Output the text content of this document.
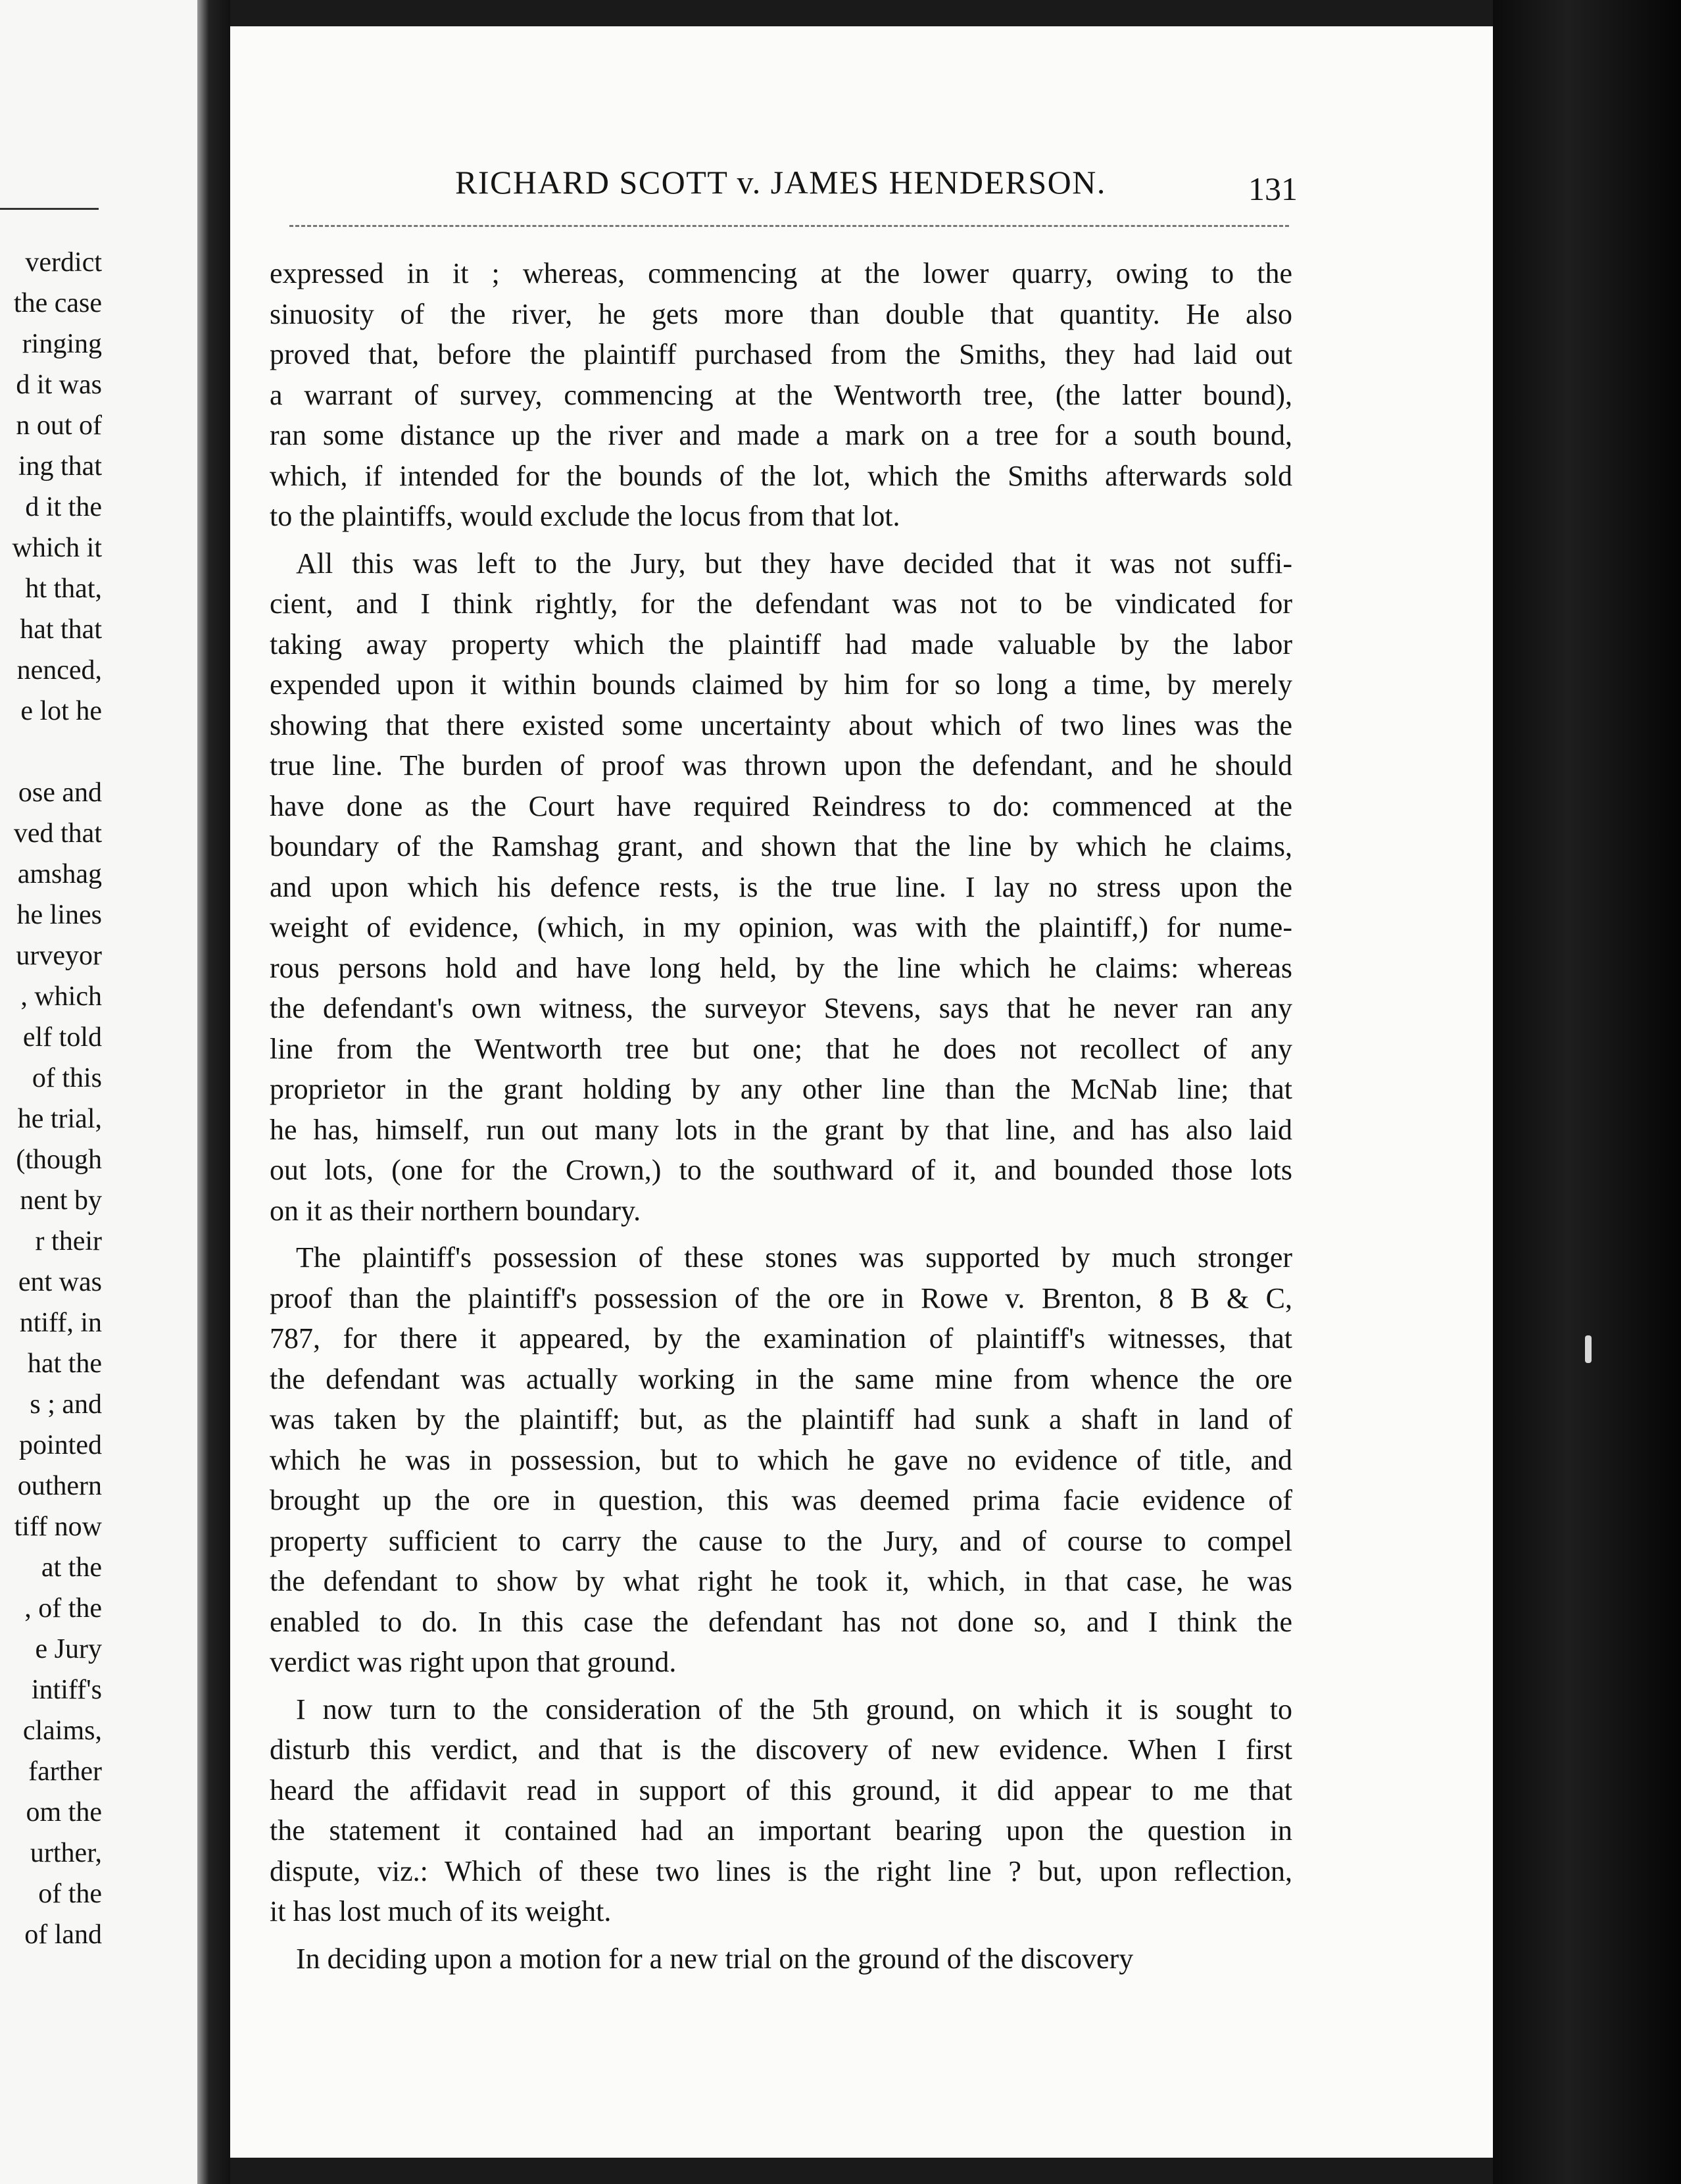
verdict
the case
ringing
d it was
n out of
ing that
d it the
which it
ht that,
hat that
nenced,
e lot he
ose and
ved that
amshag
he lines
urveyor
, which
elf told
of this
he trial,
(though
nent by
r their
ent was
ntiff, in
hat the
s ; and
pointed
outhern
tiff now
at the
, of the
e Jury
intiff's
claims,
farther
om the
urther,
of the
of land
RICHARD SCOTT v. JAMES HENDERSON.	131
expressed in it ; whereas, commencing at the lower quarry, owing to the
sinuosity of the river, he gets more than double that quantity. He also
proved that, before the plaintiff purchased from the Smiths, they had laid out
a warrant of survey, commencing at the Wentworth tree, (the latter bound),
ran some distance up the river and made a mark on a tree for a south bound,
which, if intended for the bounds of the lot, which the Smiths afterwards sold
to the plaintiffs, would exclude the locus from that lot.
All this was left to the Jury, but they have decided that it was not suffi-
cient, and I think rightly, for the defendant was not to be vindicated for
taking away property which the plaintiff had made valuable by the labor
expended upon it within bounds claimed by him for so long a time, by merely
showing that there existed some uncertainty about which of two lines was the
true line. The burden of proof was thrown upon the defendant, and he should
have done as the Court have required Reindress to do: commenced at the
boundary of the Ramshag grant, and shown that the line by which he claims,
and upon which his defence rests, is the true line. I lay no stress upon the
weight of evidence, (which, in my opinion, was with the plaintiff,) for nume-
rous persons hold and have long held, by the line which he claims: whereas
the defendant's own witness, the surveyor Stevens, says that he never ran any
line from the Wentworth tree but one; that he does not recollect of any
proprietor in the grant holding by any other line than the McNab line; that
he has, himself, run out many lots in the grant by that line, and has also laid
out lots, (one for the Crown,) to the southward of it, and bounded those lots
on it as their northern boundary.
The plaintiff's possession of these stones was supported by much stronger
proof than the plaintiff's possession of the ore in Rowe v. Brenton, 8 B & C,
787, for there it appeared, by the examination of plaintiff's witnesses, that
the defendant was actually working in the same mine from whence the ore
was taken by the plaintiff; but, as the plaintiff had sunk a shaft in land of
which he was in possession, but to which he gave no evidence of title, and
brought up the ore in question, this was deemed prima facie evidence of
property sufficient to carry the cause to the Jury, and of course to compel
the defendant to show by what right he took it, which, in that case, he was
enabled to do. In this case the defendant has not done so, and I think the
verdict was right upon that ground.
I now turn to the consideration of the 5th ground, on which it is sought to
disturb this verdict, and that is the discovery of new evidence. When I first
heard the affidavit read in support of this ground, it did appear to me that
the statement it contained had an important bearing upon the question in
dispute, viz.: Which of these two lines is the right line ? but, upon reflection,
it has lost much of its weight.
In deciding upon a motion for a new trial on the ground of the discovery
